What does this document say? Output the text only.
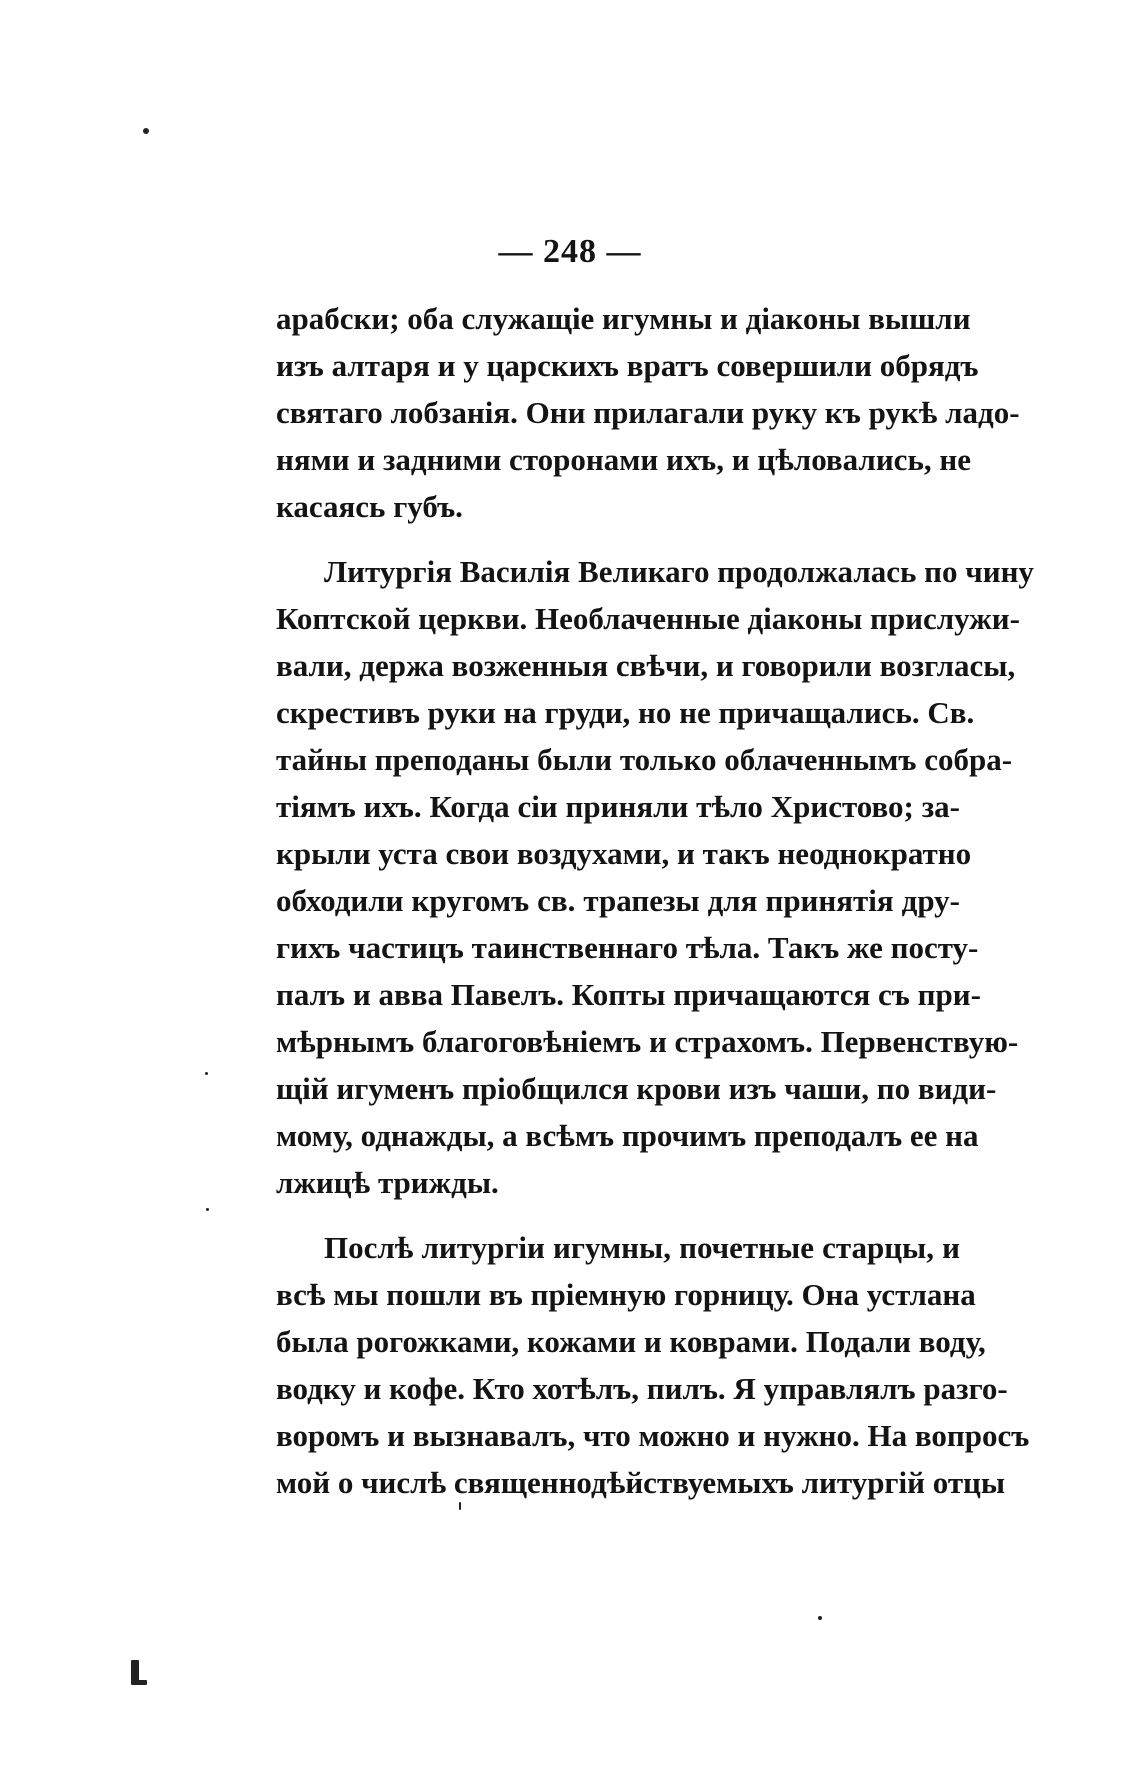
— 248 —
арабски; оба служащіе игумны и діаконы вышли
изъ алтаря и у царскихъ вратъ совершили обрядъ
святаго лобзанія. Они прилагали руку къ рукѣ ладо-
нями и задними сторонами ихъ, и цѣловались, не
касаясь губъ.
Литургія Василія Великаго продолжалась по чину
Коптской церкви. Необлаченные діаконы прислужи-
вали, держа возженныя свѣчи, и говорили возгласы,
скрестивъ руки на груди, но не причащались. Св.
тайны преподаны были только облаченнымъ собра-
тіямъ ихъ. Когда сіи приняли тѣло Христово; за-
крыли уста свои воздухами, и такъ неоднократно
обходили кругомъ св. трапезы для принятія дру-
гихъ частицъ таинственнаго тѣла. Такъ же посту-
палъ и авва Павелъ. Копты причащаются съ при-
мѣрнымъ благоговѣніемъ и страхомъ. Первенствую-
щій игуменъ пріобщился крови изъ чаши, по види-
мому, однажды, а всѣмъ прочимъ преподалъ ее на
лжицѣ трижды.
Послѣ литургіи игумны, почетные старцы, и
всѣ мы пошли въ пріемную горницу. Она устлана
была рогожками, кожами и коврами. Подали воду,
водку и кофе. Кто хотѣлъ, пилъ. Я управлялъ разго-
воромъ и вызнавалъ, что можно и нужно. На вопросъ
мой о числѣ священнодѣйствуемыхъ литургій отцы
